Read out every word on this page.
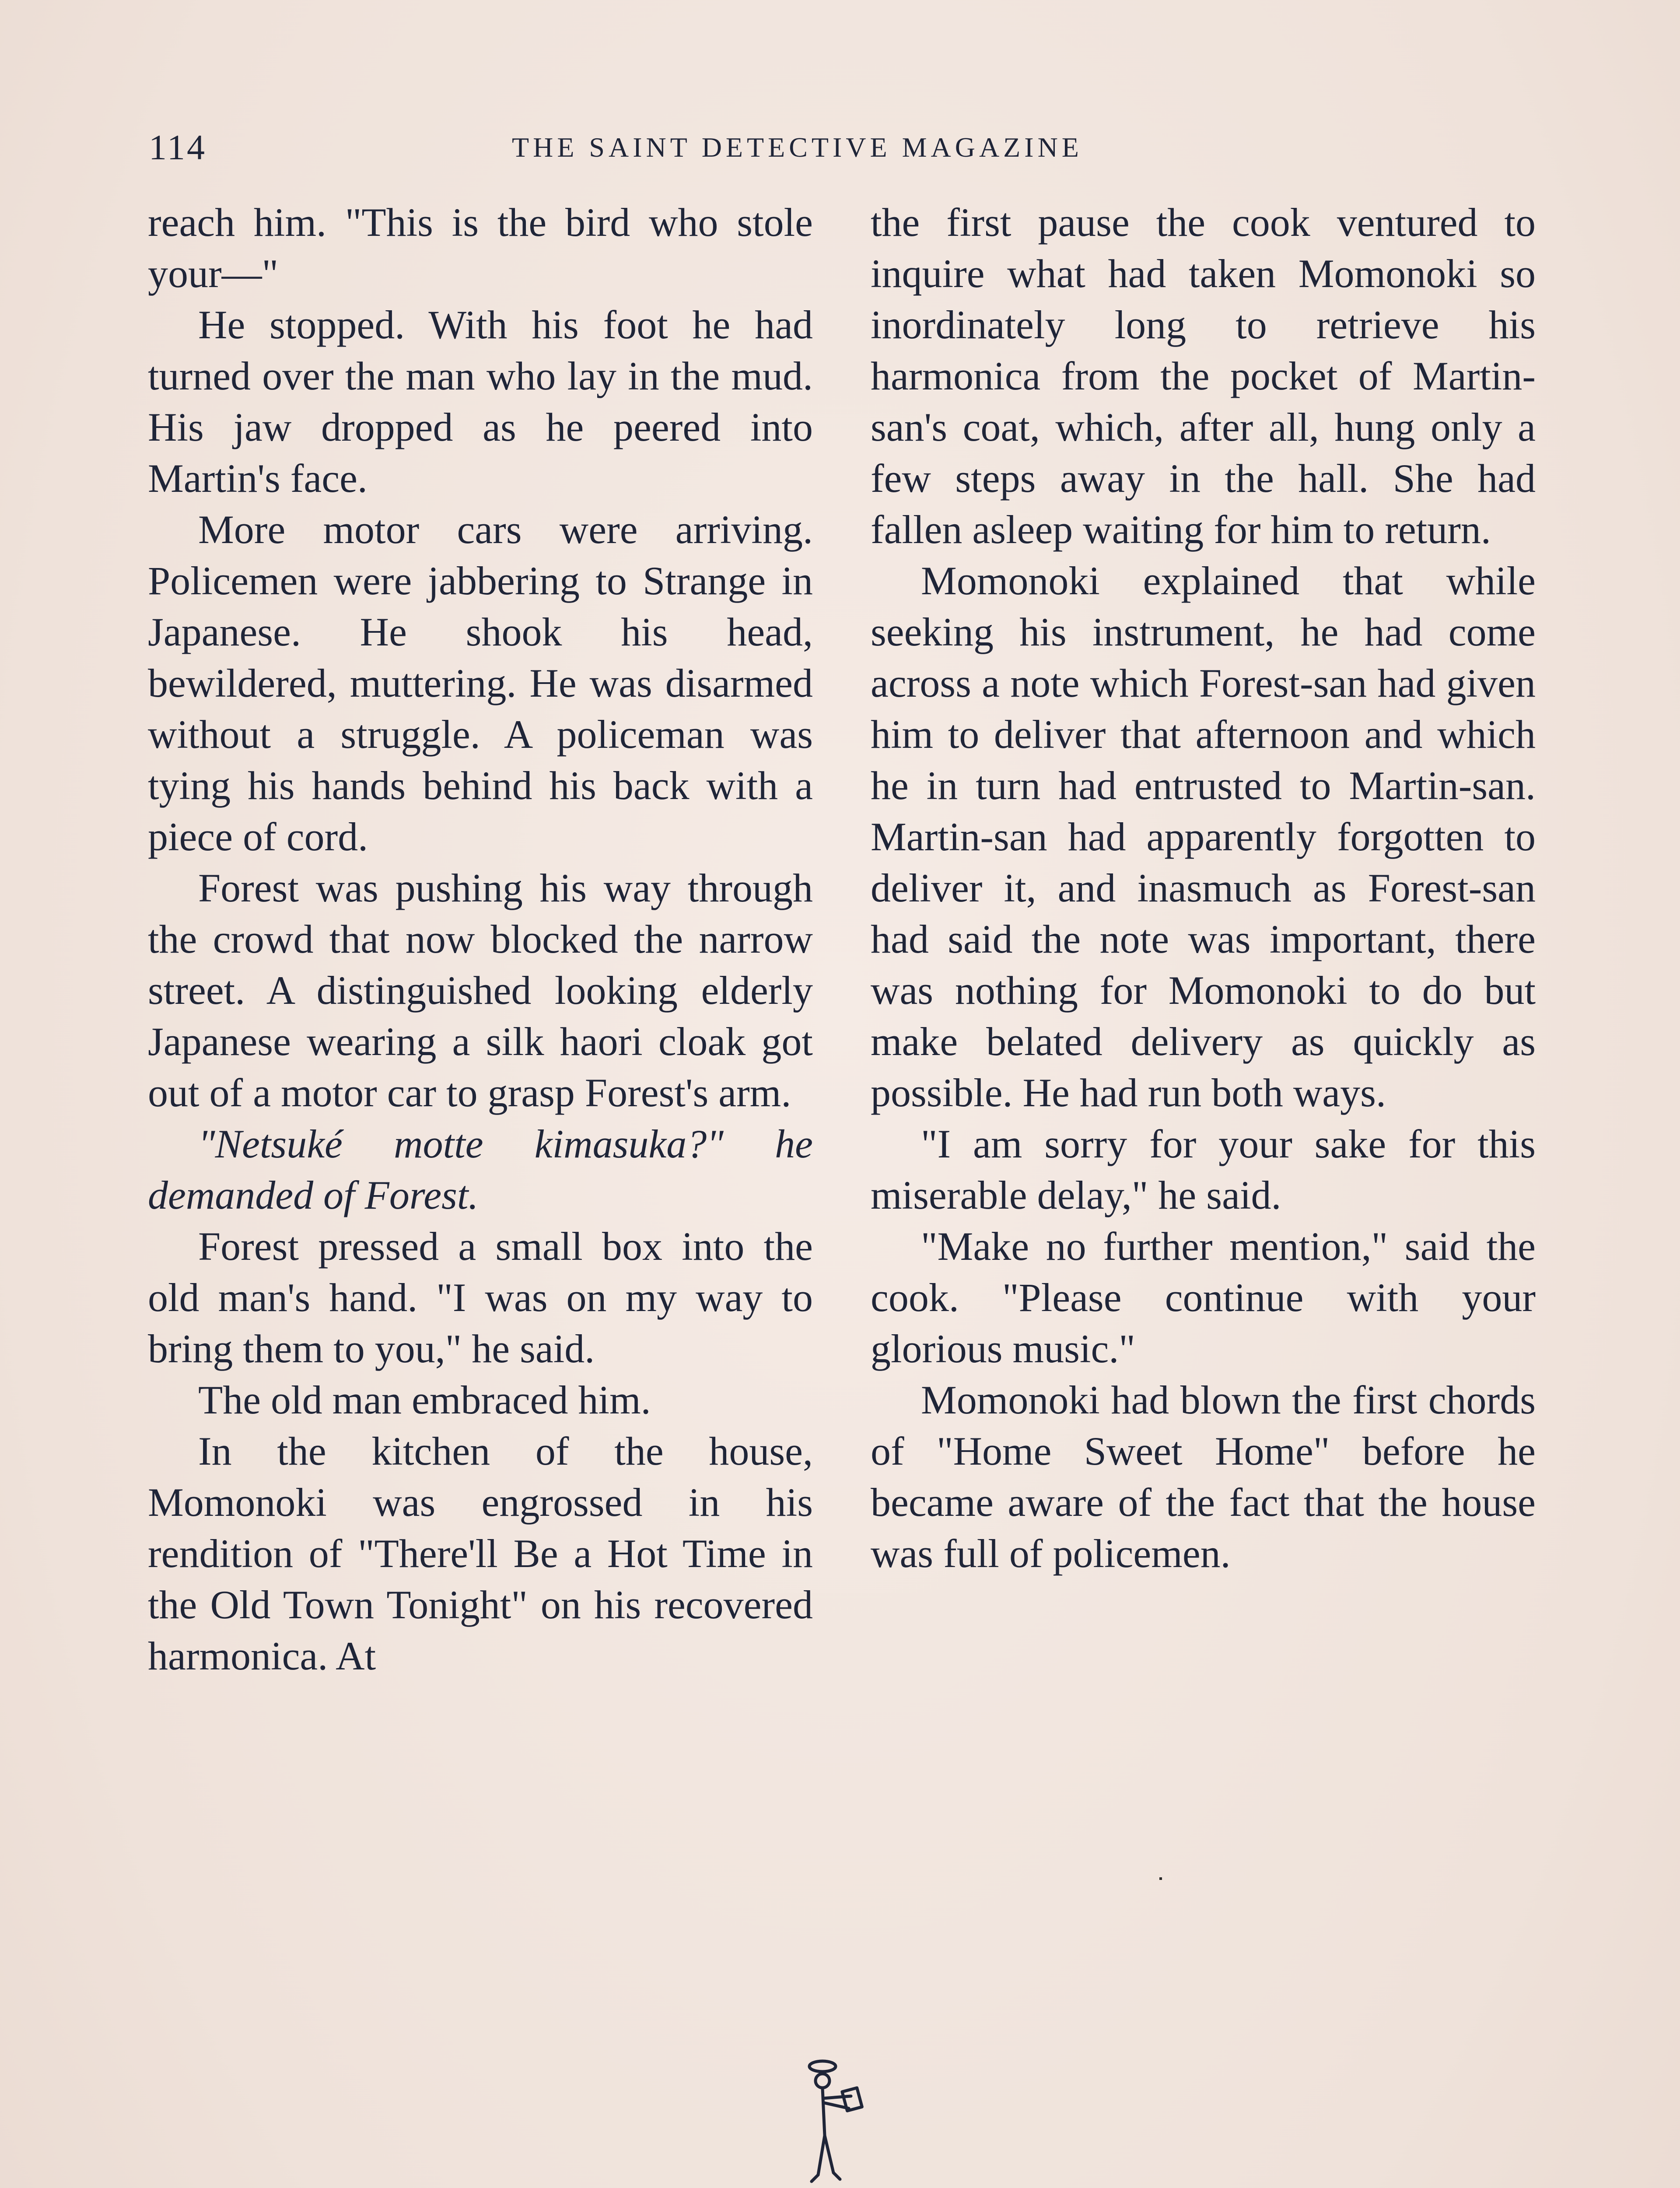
114	THE SAINT DETECTIVE MAGAZINE

reach him. "This is the bird who stole your—"

He stopped. With his foot he had turned over the man who lay in the mud. His jaw dropped as he peered into Martin's face.

More motor cars were arriving. Policemen were jabbering to Strange in Japanese. He shook his head, bewildered, muttering. He was disarmed without a struggle. A policeman was tying his hands behind his back with a piece of cord.

Forest was pushing his way through the crowd that now blocked the narrow street. A distinguished looking elderly Japanese wearing a silk haori cloak got out of a motor car to grasp Forest's arm.

"Netsuké motte kimasuka?" he demanded of Forest.

Forest pressed a small box into the old man's hand. "I was on my way to bring them to you," he said.

The old man embraced him.

In the kitchen of the house, Momonoki was engrossed in his rendition of "There'll Be a Hot Time in the Old Town Tonight" on his recovered harmonica. At

the first pause the cook ventured to inquire what had taken Momonoki so inordinately long to retrieve his harmonica from the pocket of Martin-san's coat, which, after all, hung only a few steps away in the hall. She had fallen asleep waiting for him to return.

Momonoki explained that while seeking his instrument, he had come across a note which Forest-san had given him to deliver that afternoon and which he in turn had entrusted to Martin-san. Martin-san had apparently forgotten to deliver it, and inasmuch as Forest-san had said the note was important, there was nothing for Momonoki to do but make belated delivery as quickly as possible. He had run both ways.

"I am sorry for your sake for this miserable delay," he said.

"Make no further mention," said the cook. "Please continue with your glorious music."

Momonoki had blown the first chords of "Home Sweet Home" before he became aware of the fact that the house was full of policemen.
